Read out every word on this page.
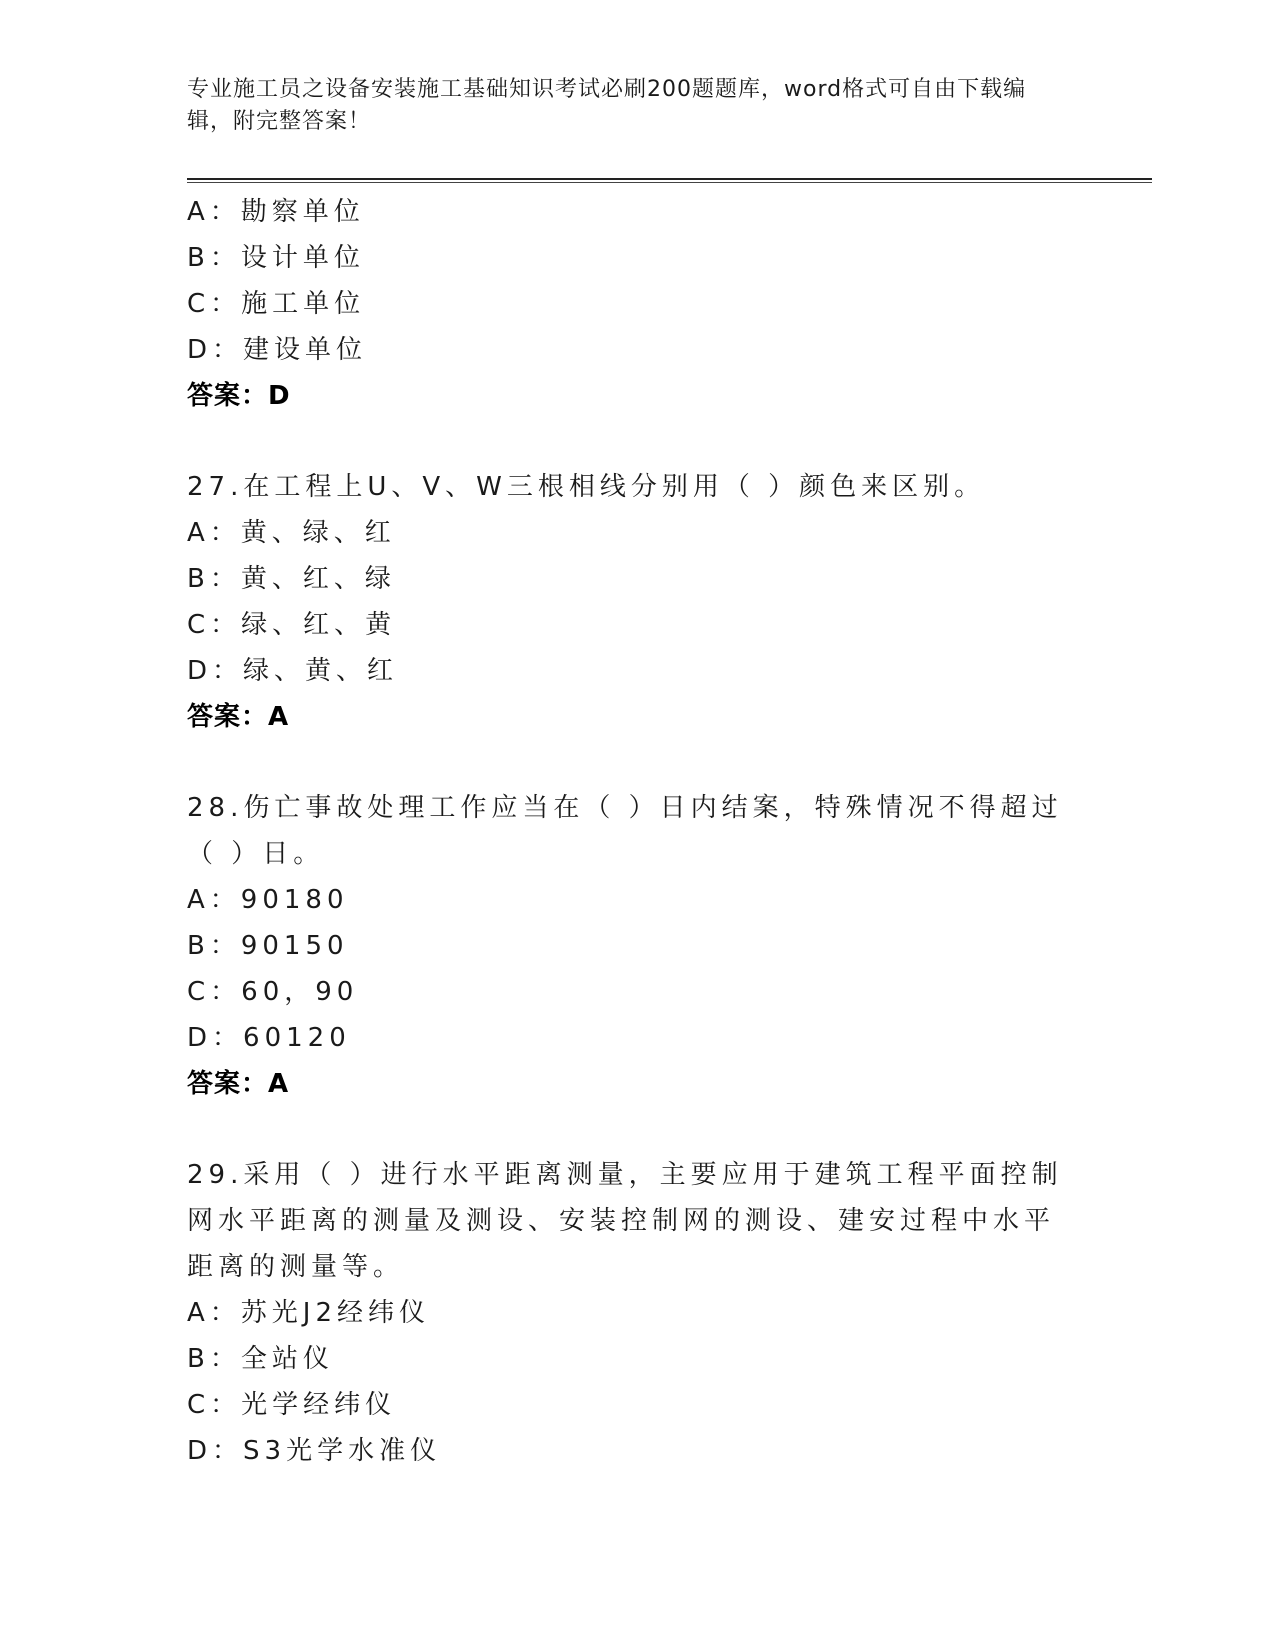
专业施工员之设备安装施工基础知识考试必刷200题题库，word格式可自由下载编辑，附完整答案！
A：勘察单位
B：设计单位
C：施工单位
D：建设单位
答案：D
27.在工程上U、V、W三根相线分别用（ ）颜色来区别。
A：黄、绿、红
B：黄、红、绿
C：绿、红、黄
D：绿、黄、红
答案：A
28.伤亡事故处理工作应当在（ ）日内结案，特殊情况不得超过（ ）日。
A：90180
B：90150
C：60，90
D：60120
答案：A
29.采用（ ）进行水平距离测量，主要应用于建筑工程平面控制网水平距离的测量及测设、安装控制网的测设、建安过程中水平距离的测量等。
A：苏光J2经纬仪
B：全站仪
C：光学经纬仪
D：S3光学水准仪
